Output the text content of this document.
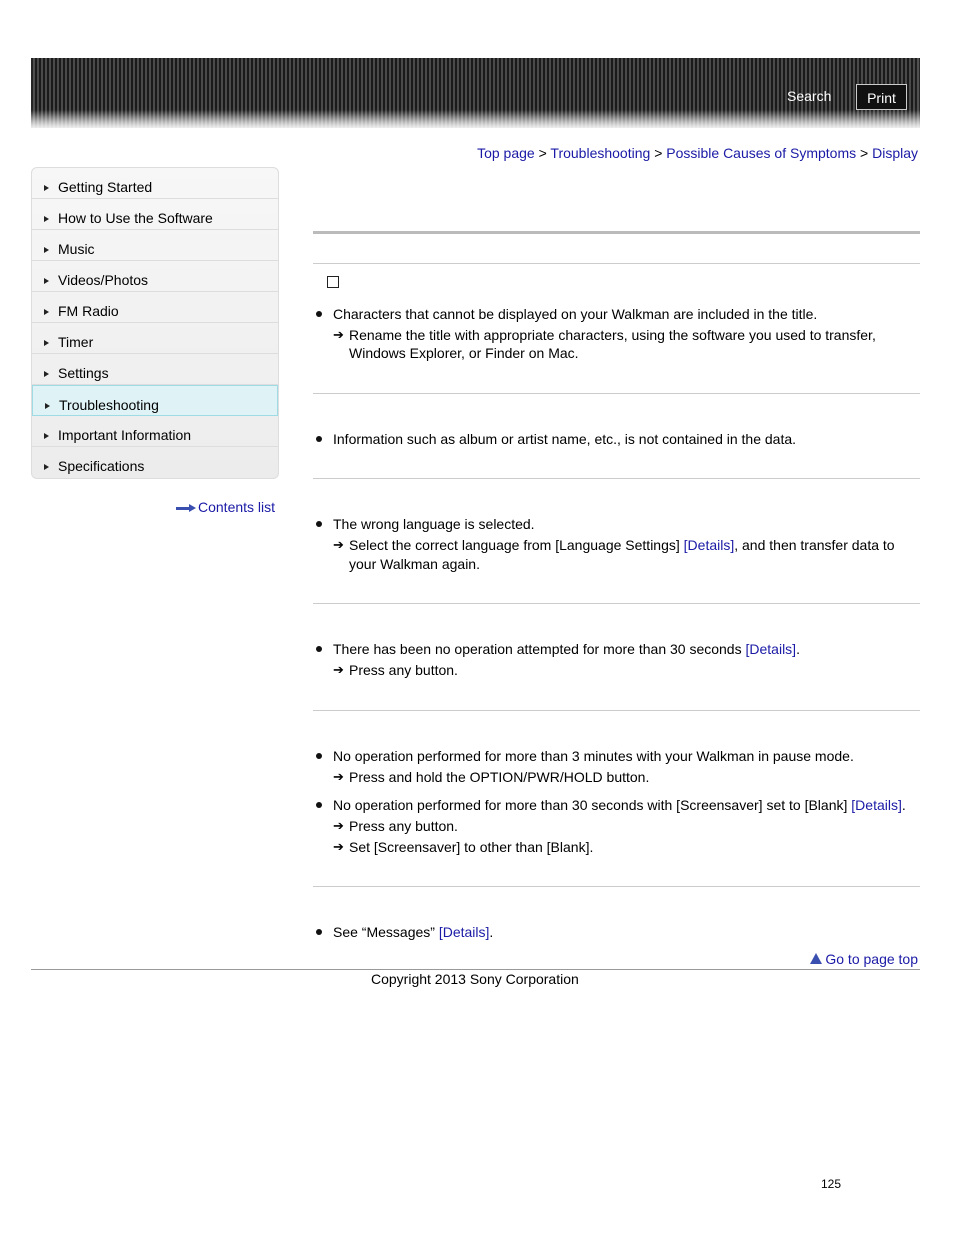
Search	Print
Top page > Troubleshooting > Possible Causes of Symptoms > Display
Getting Started
How to Use the Software
Music
Videos/Photos
FM Radio
Timer
Settings
Troubleshooting
Important Information
Specifications
Contents list
Characters that cannot be displayed on your Walkman are included in the title.
➔ Rename the title with appropriate characters, using the software you used to transfer,
Windows Explorer, or Finder on Mac.
Information such as album or artist name, etc., is not contained in the data.
The wrong language is selected.
➔ Select the correct language from [Language Settings] [Details], and then transfer data to
your Walkman again.
There has been no operation attempted for more than 30 seconds [Details].
➔ Press any button.
No operation performed for more than 3 minutes with your Walkman in pause mode.
➔ Press and hold the OPTION/PWR/HOLD button.
No operation performed for more than 30 seconds with [Screensaver] set to [Blank] [Details].
➔ Press any button.
➔ Set [Screensaver] to other than [Blank].
See “Messages” [Details].
Go to page top
Copyright 2013 Sony Corporation
125
